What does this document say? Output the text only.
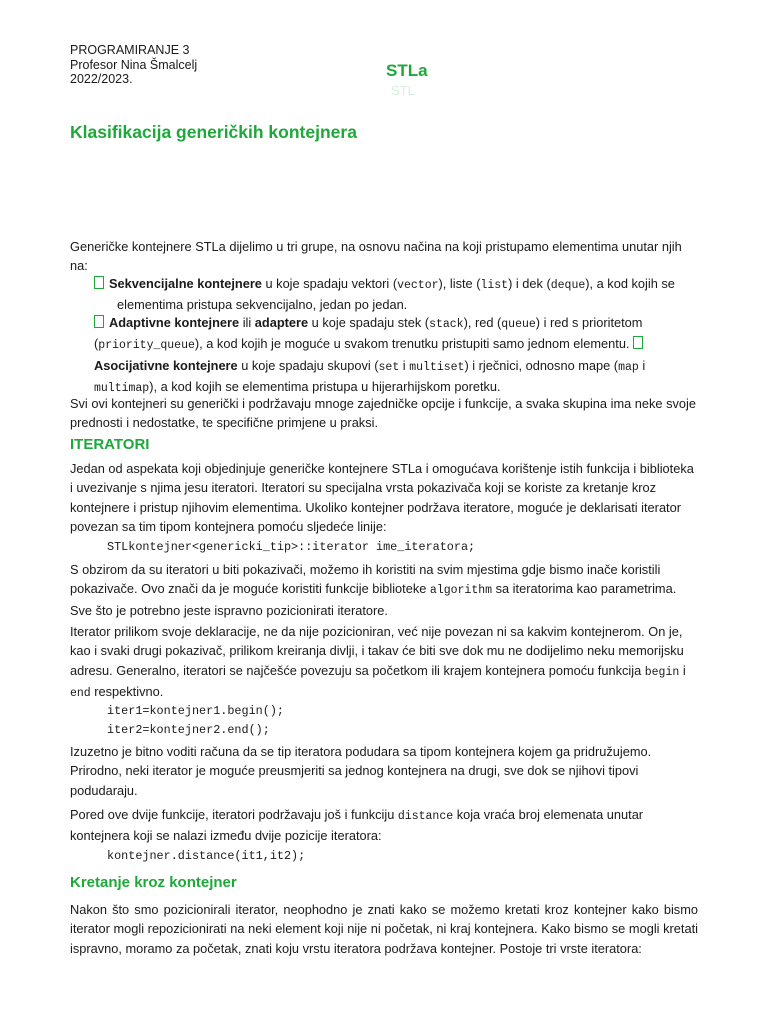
PROGRAMIRANJE 3
Profesor Nina Šmalcelj
2022/2023.	STLa
STL
Klasifikacija generičkih kontejnera
Generičke kontejnere STLa dijelimo u tri grupe, na osnovu načina na koji pristupamo elementima unutar njih na:
Sekvencijalne kontejnere u koje spadaju vektori (vector), liste (list) i dek (deque), a kod kojih se
elementima pristupa sekvencijalno, jedan po jedan.
Adaptivne kontejnere ili adaptere u koje spadaju stek (stack), red (queue) i red s prioritetom
(priority_queue), a kod kojih je moguće u svakom trenutku pristupiti samo jednom elementu.
Asocijativne kontejnere u koje spadaju skupovi (set i multiset) i rječnici, odnosno mape (map i
multimap), a kod kojih se elementima pristupa u hijerarhijskom poretku.
Svi ovi kontejneri su generički i podržavaju mnoge zajedničke opcije i funkcije, a svaka skupina ima neke svoje prednosti i nedostatke, te specifične primjene u praksi.
ITERATORI
Jedan od aspekata koji objedinjuje generičke kontejnere STLa i omogućava korištenje istih funkcija i biblioteka i uvezivanje s njima jesu iteratori. Iteratori su specijalna vrsta pokazivača koji se koriste za kretanje kroz kontejnere i pristup njihovim elementima. Ukoliko kontejner podržava iteratore, moguće je deklarisati iterator povezan sa tim tipom kontejnera pomoću sljedeće linije:
STLkontejner<genericki_tip>::iterator ime_iteratora;
S obzirom da su iteratori u biti pokazivači, možemo ih koristiti na svim mjestima gdje bismo inače koristili pokazivače. Ovo znači da je moguće koristiti funkcije biblioteke algorithm sa iteratorima kao parametrima. Sve što je potrebno jeste ispravno pozicionirati iteratore.
Iterator prilikom svoje deklaracije, ne da nije pozicioniran, već nije povezan ni sa kakvim kontejnerom. On je, kao i svaki drugi pokazivač, prilikom kreiranja divlji, i takav će biti sve dok mu ne dodijelimo neku memorijsku adresu. Generalno, iteratori se najčešće povezuju sa početkom ili krajem kontejnera pomoću funkcija begin i end respektivno.
iter1=kontejner1.begin();
iter2=kontejner2.end();
Izuzetno je bitno voditi računa da se tip iteratora podudara sa tipom kontejnera kojem ga pridružujemo. Prirodno, neki iterator je moguće preusmjeriti sa jednog kontejnera na drugi, sve dok se njihovi tipovi podudaraju.
Pored ove dvije funkcije, iteratori podržavaju još i funkciju distance koja vraća broj elemenata unutar kontejnera koji se nalazi između dvije pozicije iteratora:
kontejner.distance(it1,it2);
Kretanje kroz kontejner
Nakon što smo pozicionirali iterator, neophodno je znati kako se možemo kretati kroz kontejner kako bismo iterator mogli repozicionirati na neki element koji nije ni početak, ni kraj kontejnera. Kako bismo se mogli kretati ispravno, moramo za početak, znati koju vrstu iteratora podržava kontejner. Postoje tri vrste iteratora:
